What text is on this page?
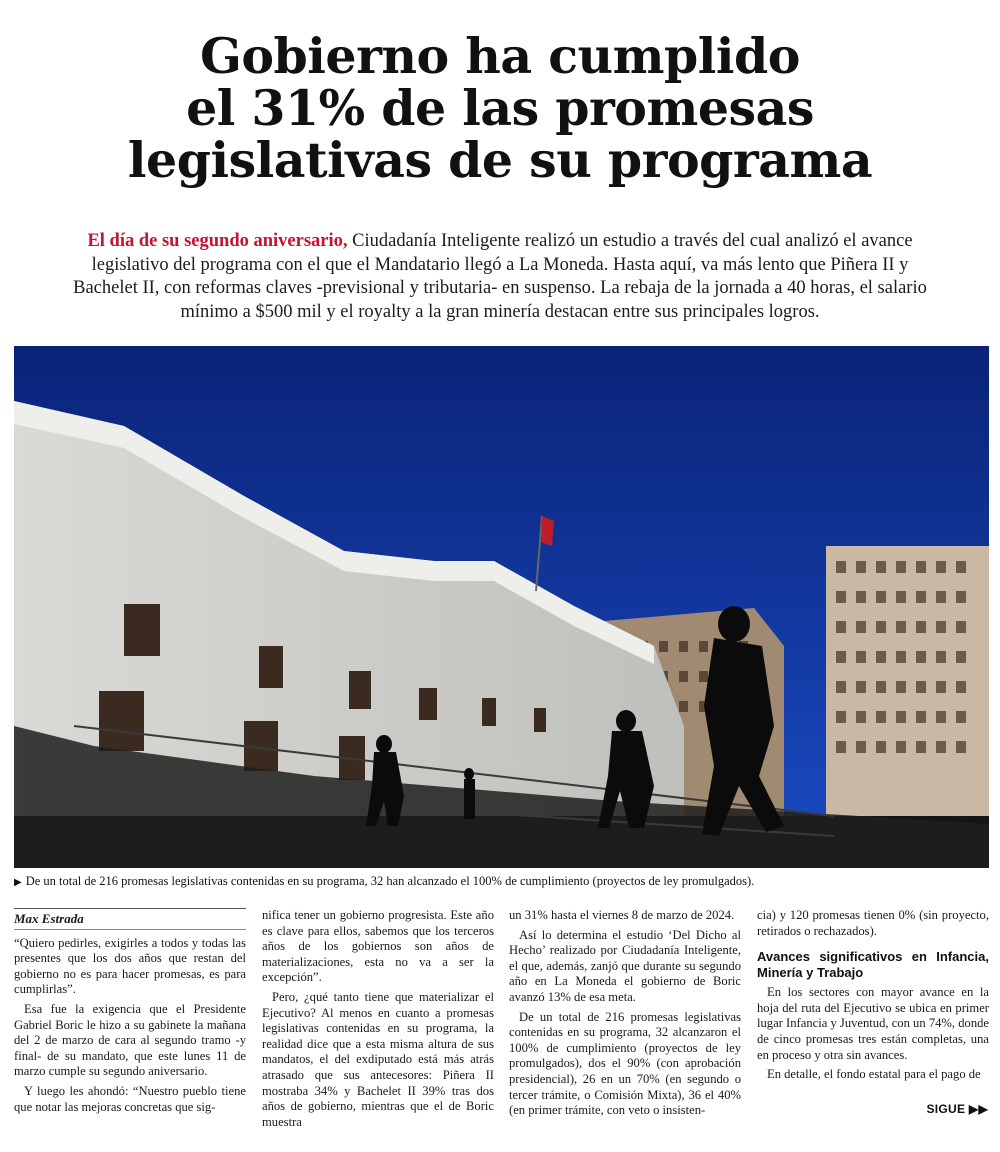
Gobierno ha cumplido
el 31% de las promesas
legislativas de su programa
El día de su segundo aniversario, Ciudadanía Inteligente realizó un estudio a través del cual analizó el avance legislativo del programa con el que el Mandatario llegó a La Moneda. Hasta aquí, va más lento que Piñera II y Bachelet II, con reformas claves -previsional y tributaria- en suspenso. La rebaja de la jornada a 40 horas, el salario mínimo a $500 mil y el royalty a la gran minería destacan entre sus principales logros.
▶ De un total de 216 promesas legislativas contenidas en su programa, 32 han alcanzado el 100% de cumplimiento (proyectos de ley promulgados).
Max Estrada

“Quiero pedirles, exigirles a todos y todas las presentes que los dos años que restan del gobierno no es para hacer promesas, es para cumplirlas”.

Esa fue la exigencia que el Presidente Gabriel Boric le hizo a su gabinete la mañana del 2 de marzo de cara al segundo tramo -y final- de su mandato, que este lunes 11 de marzo cumple su segundo aniversario.

Y luego les ahondó: “Nuestro pueblo tiene que notar las mejoras concretas que sig-

nifica tener un gobierno progresista. Este año es clave para ellos, sabemos que los terceros años de los gobiernos son años de materializaciones, esta no va a ser la excepción”.

Pero, ¿qué tanto tiene que materializar el Ejecutivo? Al menos en cuanto a promesas legislativas contenidas en su programa, la realidad dice que a esta misma altura de sus mandatos, el del exdiputado está más atrás atrasado que sus antecesores: Piñera II mostraba 34% y Bachelet II 39% tras dos años de gobierno, mientras que el de Boric muestra

un 31% hasta el viernes 8 de marzo de 2024.

Así lo determina el estudio ‘Del Dicho al Hecho’ realizado por Ciudadanía Inteligente, el que, además, zanjó que durante su segundo año en La Moneda el gobierno de Boric avanzó 13% de esa meta.

De un total de 216 promesas legislativas contenidas en su programa, 32 alcanzaron el 100% de cumplimiento (proyectos de ley promulgados), dos el 90% (con aprobación presidencial), 26 en un 70% (en segundo o tercer trámite, o Comisión Mixta), 36 el 40% (en primer trámite, con veto o insisten-

cia) y 120 promesas tienen 0% (sin proyecto, retirados o rechazados).

Avances significativos en Infancia, Minería y Trabajo

En los sectores con mayor avance en la hoja del ruta del Ejecutivo se ubica en primer lugar Infancia y Juventud, con un 74%, donde de cinco promesas tres están completas, una en proceso y otra sin avances.

En detalle, el fondo estatal para el pago de

SIGUE ▶▶
